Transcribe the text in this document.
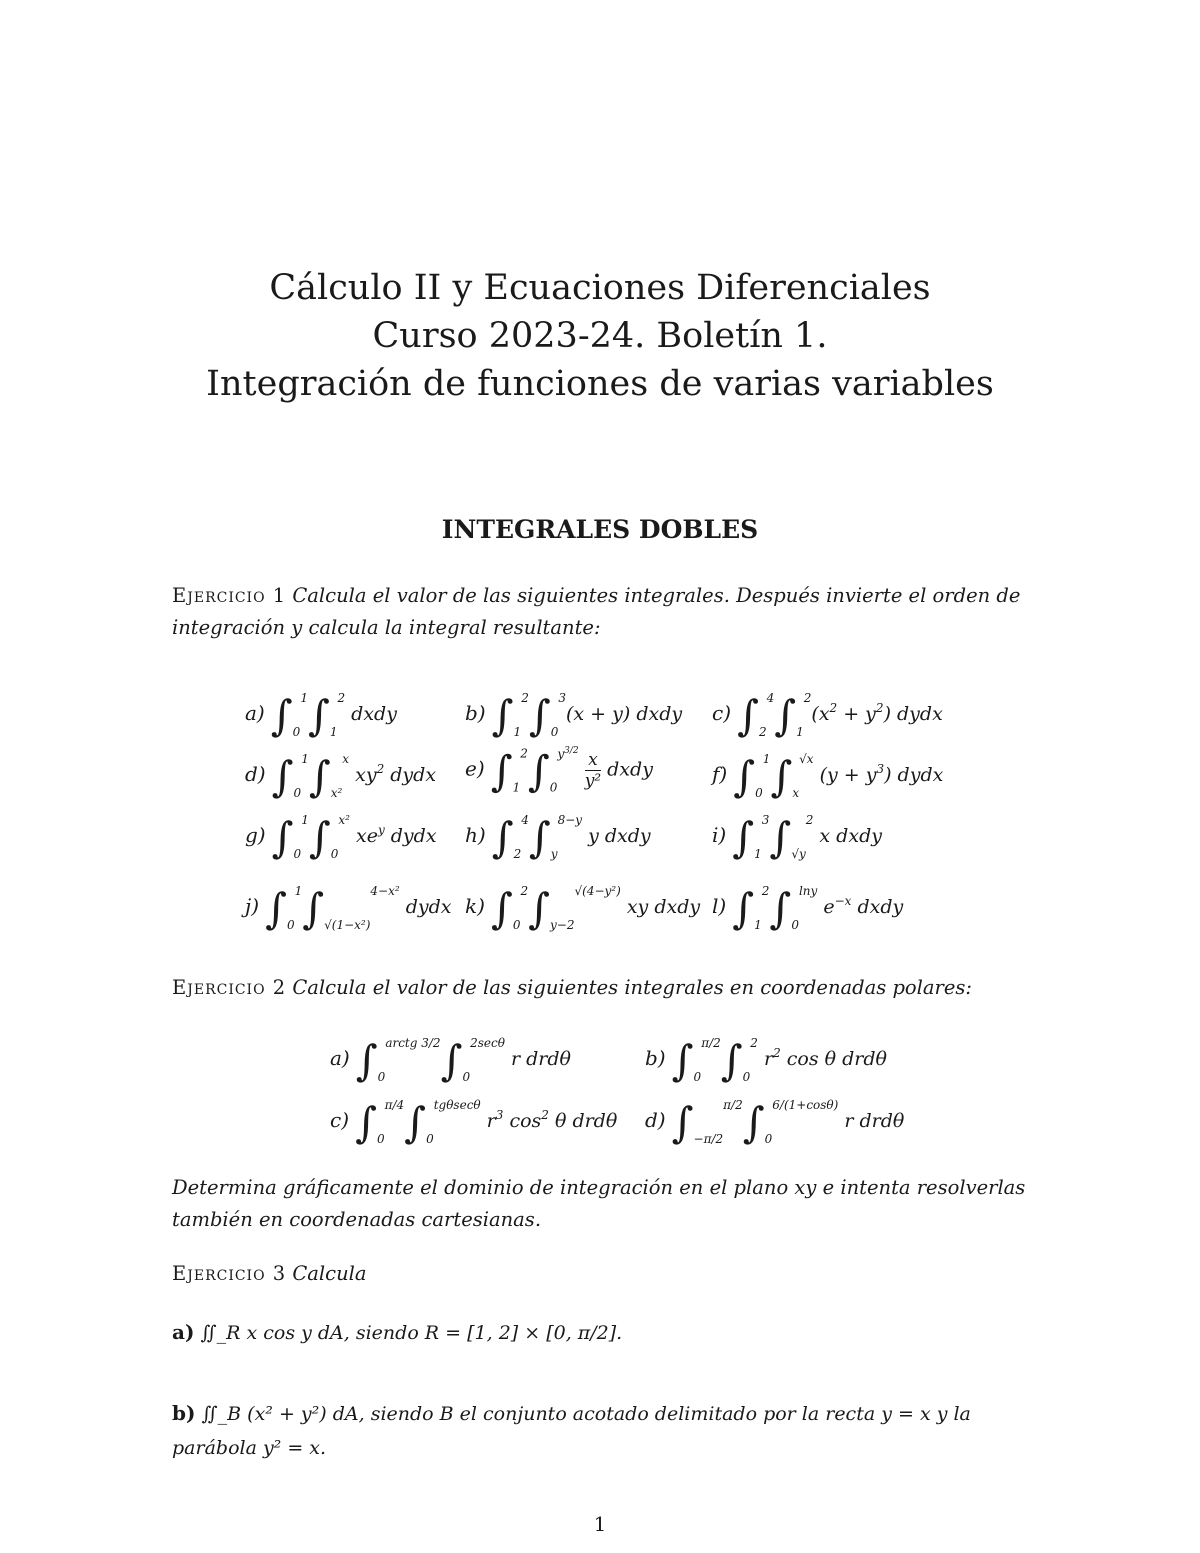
Cálculo II y Ecuaciones Diferenciales
Curso 2023-24. Boletín 1.
Integración de funciones de varias variables
INTEGRALES DOBLES
Ejercicio 1 Calcula el valor de las siguientes integrales. Después invierte el orden de integración y calcula la integral resultante:
a) $\int_0^1\int_1^2$ dxdy	b) $\int_1^2\int_0^3(x + y)$ dxdy c) $\int_2^4\int_1^2(x^2 + y^2)$ dydx
d) $\int_0^1\int_{x^2}^x$ $xy^2$ dydx e) $\int_1^2\int_0^{y^{3/2}} \frac{x}{\text{y²}}$ dxdy	f) $\int_0^1\int_x^{√x}$ $(y + y^3)$ dydx
g) $\int_0^1\int_0^{x^2}$ $xe^y$ dydx h) $\int_2^4\int_y^{8-y}$ y dxdy	i) $\int_1^3\int_{√y}^2$ x dxdy
j) $\int_0^1\int_{√(1-x^2)}^{4-x^2}$ dydx k) $\int_0^2\int_{y-2}^{√(4-y^2)}$ xy dxdy l) $\int_1^2\int_0^{lny}$ $e^{-x}$ dxdy
Ejercicio 2 Calcula el valor de las siguientes integrales en coordenadas polares:
a) $\int_0^{arctg 3/2}\int_0^{2sec\theta}$ r drdθ	b) $\int_0^{\pi/2}\int_0^2$ $r^2$ cos θ drdθ
c) $\int_0^{\pi/4}\int_0^{tg\theta sec\theta}$ $r^3$ $\cos^2 \theta$ drdθ d) $\int_{-\pi/2}^{\pi/2}\int_0^{6/(1+cos\theta)}$ r drdθ
Determina gráficamente el dominio de integración en el plano xy e intenta resolverlas también en coordenadas cartesianas.
Ejercicio 3 Calcula
a) ∬_R x cos y dA, siendo R = [1, 2] × [0, π/2].
b) ∬_B (x² + y²) dA, siendo B el conjunto acotado delimitado por la recta y = x y la parábola y² = x.
1
